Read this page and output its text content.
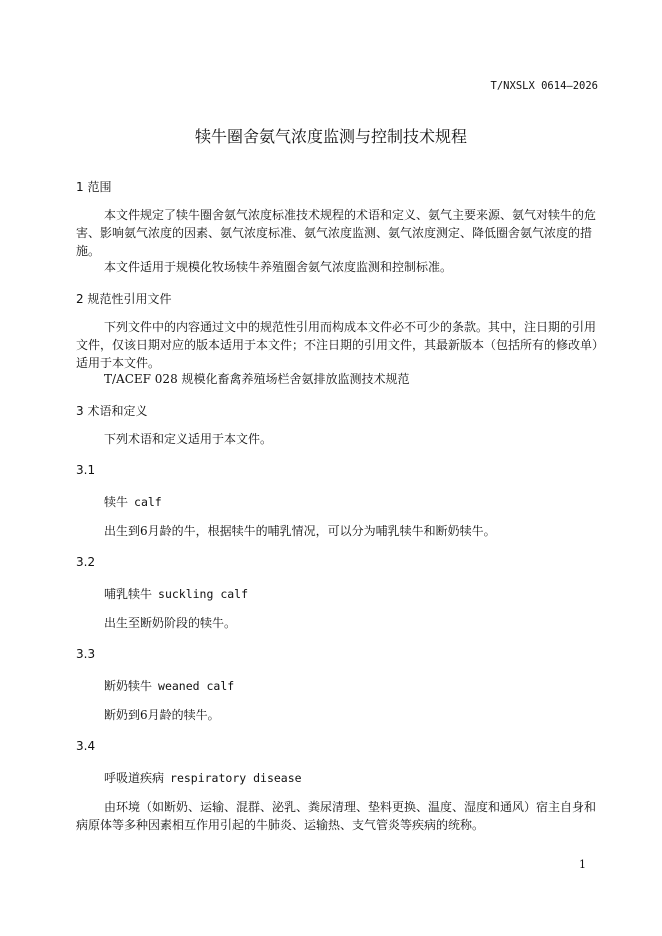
T/NXSLX 0614—2026
犊牛圈舍氨气浓度监测与控制技术规程
1 范围
本文件规定了犊牛圈舍氨气浓度标准技术规程的术语和定义、氨气主要来源、氨气对犊牛的危害、影响氨气浓度的因素、氨气浓度标准、氨气浓度监测、氨气浓度测定、降低圈舍氨气浓度的措施。
本文件适用于规模化牧场犊牛养殖圈舍氨气浓度监测和控制标准。
2 规范性引用文件
下列文件中的内容通过文中的规范性引用而构成本文件必不可少的条款。其中，注日期的引用文件，仅该日期对应的版本适用于本文件；不注日期的引用文件，其最新版本（包括所有的修改单）适用于本文件。
T/ACEF 028 规模化畜禽养殖场栏舍氨排放监测技术规范
3 术语和定义
下列术语和定义适用于本文件。
3.1
犊牛 calf
出生到6月龄的牛，根据犊牛的哺乳情况，可以分为哺乳犊牛和断奶犊牛。
3.2
哺乳犊牛 suckling calf
出生至断奶阶段的犊牛。
3.3
断奶犊牛 weaned calf
断奶到6月龄的犊牛。
3.4
呼吸道疾病 respiratory disease
由环境（如断奶、运输、混群、泌乳、粪尿清理、垫料更换、温度、湿度和通风）宿主自身和病原体等多种因素相互作用引起的牛肺炎、运输热、支气管炎等疾病的统称。
1
